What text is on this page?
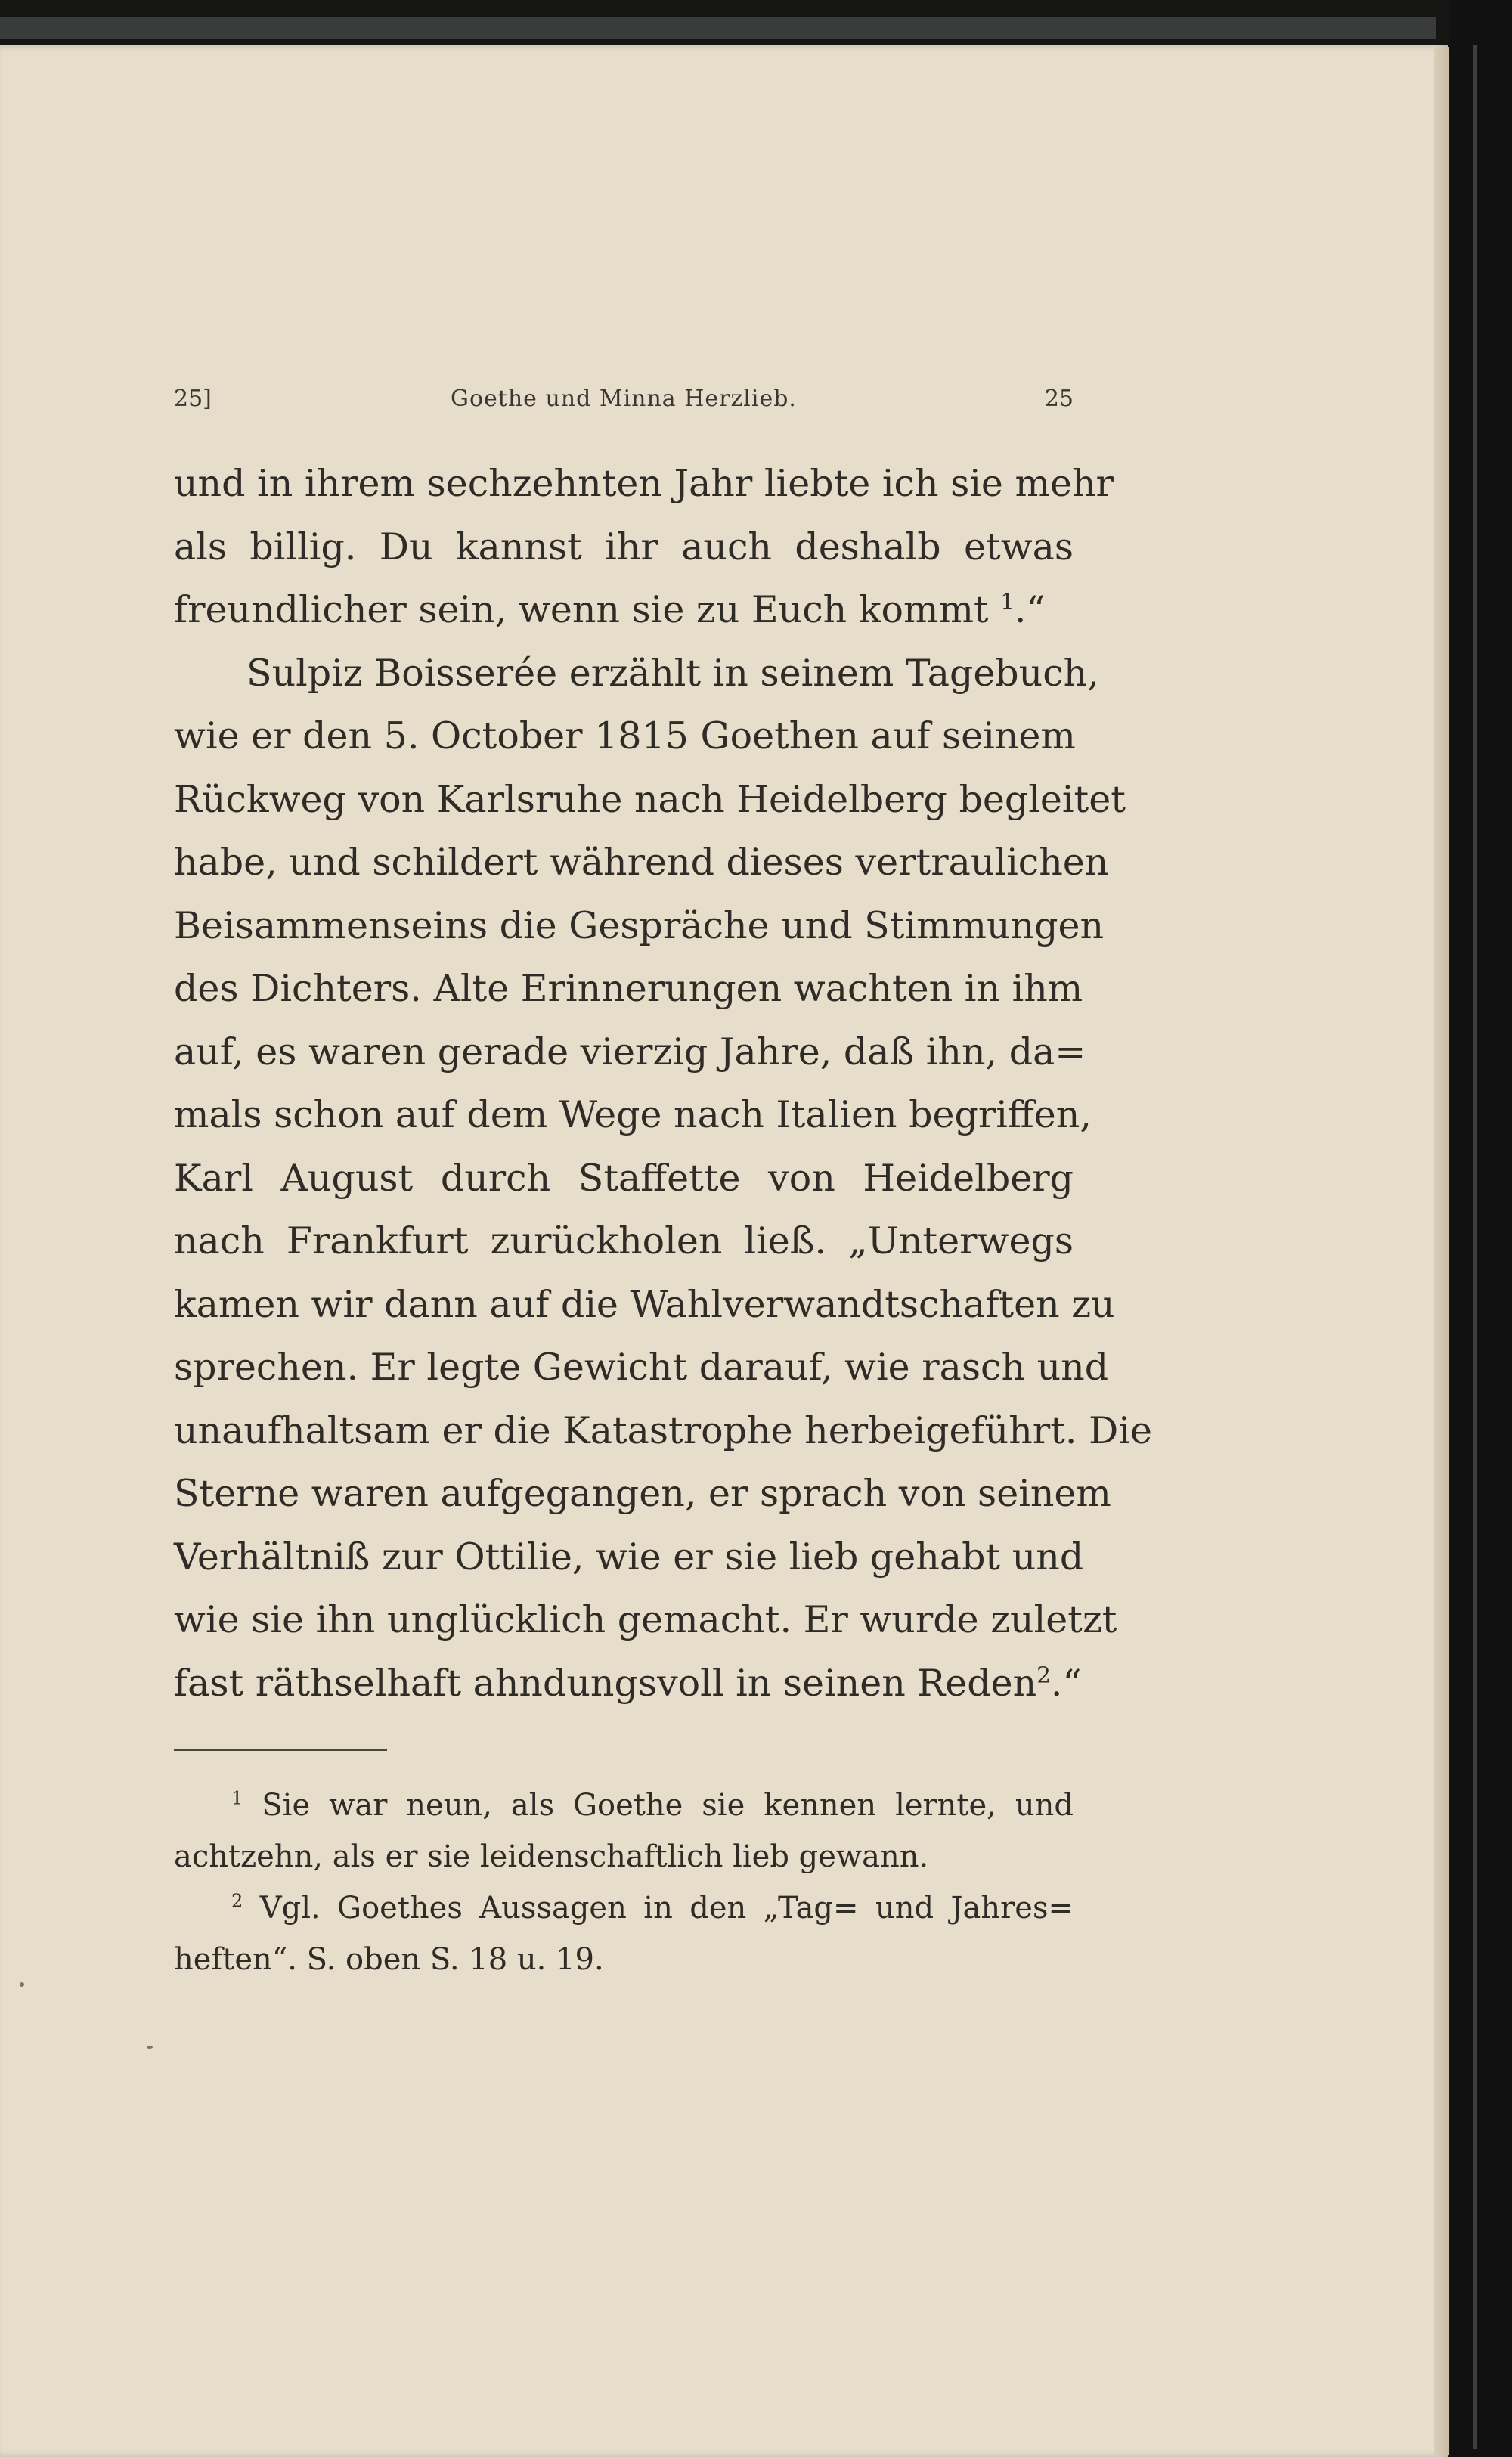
25]	Goethe und Minna Herzlieb.	25
und in ihrem sechzehnten Jahr liebte ich sie mehr
als billig. Du kannst ihr auch deshalb etwas
freundlicher sein, wenn sie zu Euch kommt $^1$.“
Sulpiz Boisserée erzählt in seinem Tagebuch,
wie er den 5. October 1815 Goethen auf seinem
Rückweg von Karlsruhe nach Heidelberg begleitet
habe, und schildert während dieses vertraulichen
Beisammenseins die Gespräche und Stimmungen
des Dichters. Alte Erinnerungen wachten in ihm
auf, es waren gerade vierzig Jahre, daß ihn, da=
mals schon auf dem Wege nach Italien begriffen,
Karl August durch Staffette von Heidelberg
nach Frankfurt zurückholen ließ. „Unterwegs
kamen wir dann auf die Wahlverwandtschaften zu
sprechen. Er legte Gewicht darauf, wie rasch und
unaufhaltsam er die Katastrophe herbeigeführt. Die
Sterne waren aufgegangen, er sprach von seinem
Verhältniß zur Ottilie, wie er sie lieb gehabt und
wie sie ihn unglücklich gemacht. Er wurde zuletzt
fast räthselhaft ahndungsvoll in seinen Reden$^2$.“
$^1$ Sie war neun, als Goethe sie kennen lernte, und
achtzehn, als er sie leidenschaftlich lieb gewann.
$^2$ Vgl. Goethes Aussagen in den „Tag= und Jahres=
heften“. S. oben S. 18 u. 19.
